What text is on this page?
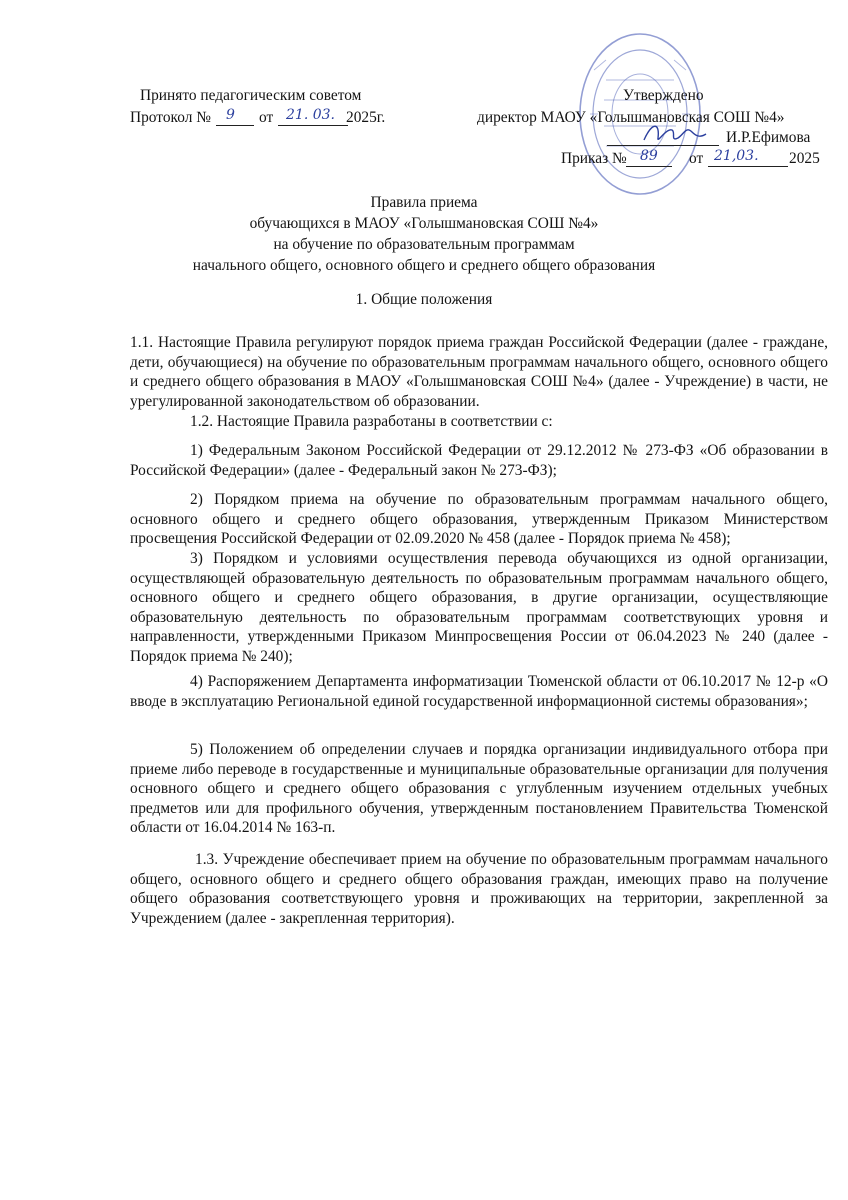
Принято педагогическим советом
Протокол № 9 от 21. 03. 2025г.
Утверждено
директор МАОУ «Голышмановская СОШ №4»
И.Р.Ефимова
Приказ № 89 от 21,03. 2025
Правила приема
обучающихся в МАОУ «Голышмановская СОШ №4»
на обучение по образовательным программам
начального общего, основного общего и среднего общего образования
1. Общие положения
1.1. Настоящие Правила регулируют порядок приема граждан Российской Федерации (далее - граждане, дети, обучающиеся) на обучение по образовательным программам начального общего, основного общего и среднего общего образования в МАОУ «Голышмановская СОШ №4» (далее - Учреждение) в части, не урегулированной законодательством об образовании.
1.2. Настоящие Правила разработаны в соответствии с:
1) Федеральным Законом Российской Федерации от 29.12.2012 № 273-ФЗ «Об образовании в Российской Федерации» (далее - Федеральный закон № 273-ФЗ);
2) Порядком приема на обучение по образовательным программам начального общего, основного общего и среднего общего образования, утвержденным Приказом Министерством просвещения Российской Федерации от 02.09.2020 № 458 (далее - Порядок приема № 458);
3) Порядком и условиями осуществления перевода обучающихся из одной организации, осуществляющей образовательную деятельность по образовательным программам начального общего, основного общего и среднего общего образования, в другие организации, осуществляющие образовательную деятельность по образовательным программам соответствующих уровня и направленности, утвержденными Приказом Минпросвещения России от 06.04.2023 № 240 (далее - Порядок приема № 240);
4) Распоряжением Департамента информатизации Тюменской области от 06.10.2017 № 12-р «О вводе в эксплуатацию Региональной единой государственной информационной системы образования»;
5) Положением об определении случаев и порядка организации индивидуального отбора при приеме либо переводе в государственные и муниципальные образовательные организации для получения основного общего и среднего общего образования с углубленным изучением отдельных учебных предметов или для профильного обучения, утвержденным постановлением Правительства Тюменской области от 16.04.2014 № 163-п.
1.3. Учреждение обеспечивает прием на обучение по образовательным программам начального общего, основного общего и среднего общего образования граждан, имеющих право на получение общего образования соответствующего уровня и проживающих на территории, закрепленной за Учреждением (далее - закрепленная территория).
